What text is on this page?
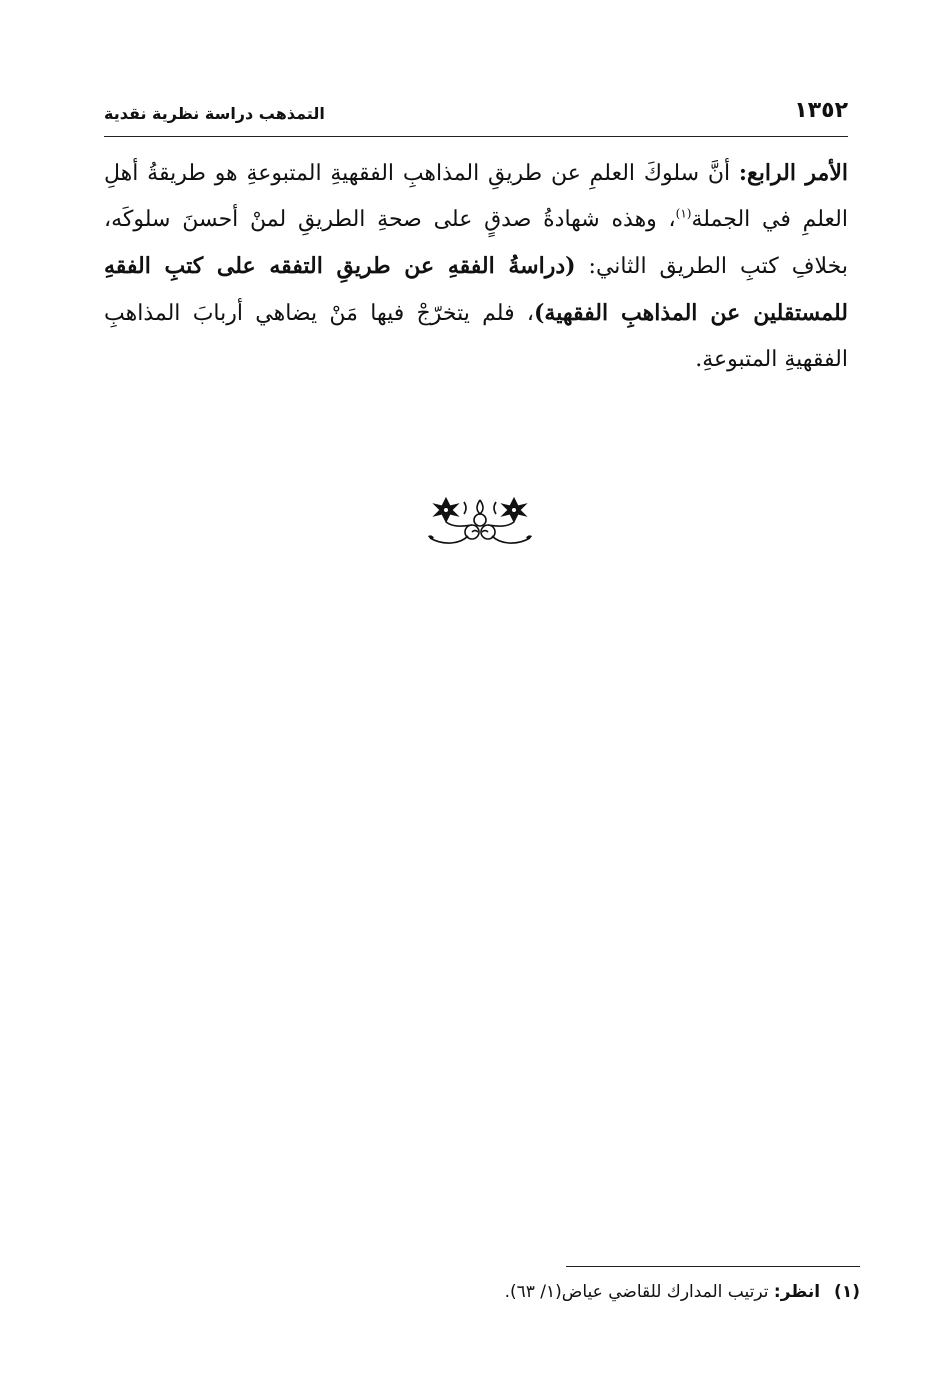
١٣٥٢
التمذهب دراسة نظرية نقدية
الأمر الرابع: أنَّ سلوكَ العلمِ عن طريقِ المذاهبِ الفقهيةِ المتبوعةِ هو طريقةُ أهلِ العلمِ في الجملة$^{(١)}$، وهذه شهادةُ صدقٍ على صحةِ الطريقِ لمنْ أحسنَ سلوكَه، بخلافِ كتبِ الطريق الثاني: (دراسةُ الفقهِ عن طريقِ التفقه على كتبِ الفقهِ للمستقلين عن المذاهبِ الفقهية)، فلم يتخرّجْ فيها مَنْ يضاهي أربابَ المذاهبِ الفقهيةِ المتبوعةِ.
(١)انظر: ترتيب المدارك للقاضي عياض(١/ ٦٣).
